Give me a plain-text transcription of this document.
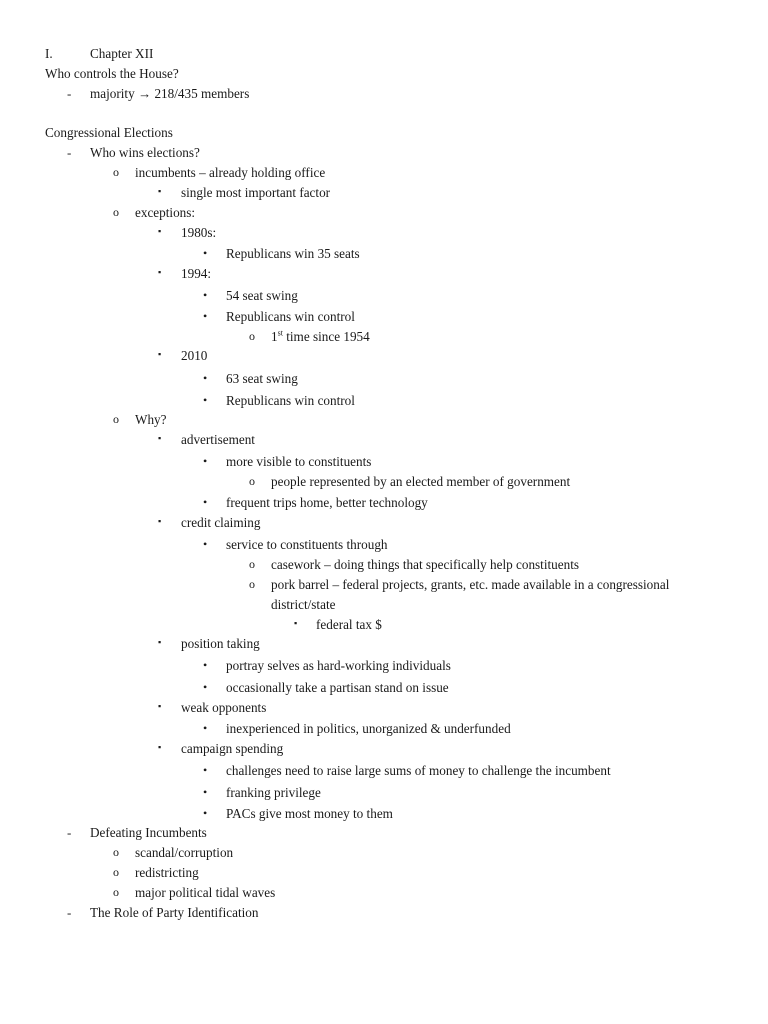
I.	Chapter XII
Who controls the House?
- majority → 218/435 members
Congressional Elections
- Who wins elections?
o incumbents – already holding office
▪ single most important factor
o exceptions:
▪ 1980s:
• Republicans win 35 seats
▪ 1994:
• 54 seat swing
• Republicans win control
o 1st time since 1954
▪ 2010
• 63 seat swing
• Republicans win control
o Why?
▪ advertisement
• more visible to constituents
o people represented by an elected member of government
• frequent trips home, better technology
▪ credit claiming
• service to constituents through
o casework – doing things that specifically help constituents
o pork barrel – federal projects, grants, etc. made available in a congressional
district/state
▪ federal tax $
▪ position taking
• portray selves as hard-working individuals
• occasionally take a partisan stand on issue
▪ weak opponents
• inexperienced in politics, unorganized & underfunded
▪ campaign spending
• challenges need to raise large sums of money to challenge the incumbent
• franking privilege
• PACs give most money to them
- Defeating Incumbents
o scandal/corruption
o redistricting
o major political tidal waves
- The Role of Party Identification
